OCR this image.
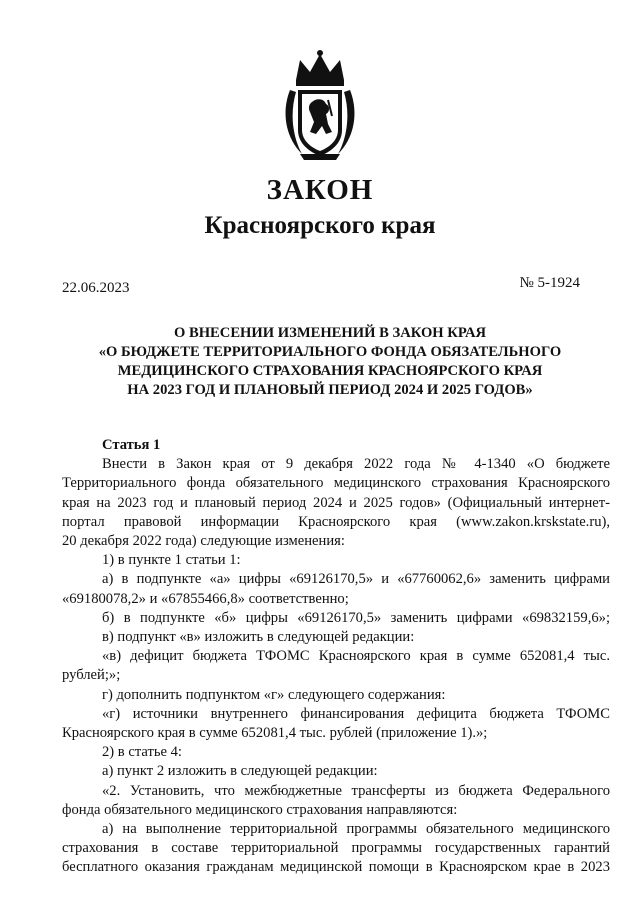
ЗАКОН
Красноярского края
22.06.2023	№ 5-1924
О ВНЕСЕНИИ ИЗМЕНЕНИЙ В ЗАКОН КРАЯ
«О БЮДЖЕТЕ ТЕРРИТОРИАЛЬНОГО ФОНДА ОБЯЗАТЕЛЬНОГО
МЕДИЦИНСКОГО СТРАХОВАНИЯ КРАСНОЯРСКОГО КРАЯ
НА 2023 ГОД И ПЛАНОВЫЙ ПЕРИОД 2024 И 2025 ГОДОВ»

Статья 1

Внести в Закон края от 9 декабря 2022 года № 4-1340 «О бюджете

Территориального фонда обязательного медицинского страхования Красноярского

края на 2023 год и плановый период 2024 и 2025 годов» (Официальный интернет-

портал правовой информации Красноярского края (www.zakon.krskstate.ru),

20 декабря 2022 года) следующие изменения:

1) в пункте 1 статьи 1:

а) в подпункте «а» цифры «69126170,5» и «67760062,6» заменить цифрами

«69180078,2» и «67855466,8» соответственно;

б) в подпункте «б» цифры «69126170,5» заменить цифрами «69832159,6»;

в) подпункт «в» изложить в следующей редакции:

«в) дефицит бюджета ТФОМС Красноярского края в сумме 652081,4 тыс.

рублей;»;

г) дополнить подпунктом «г» следующего содержания:

«г) источники внутреннего финансирования дефицита бюджета ТФОМС

Красноярского края в сумме 652081,4 тыс. рублей (приложение 1).»;

2) в статье 4:

а) пункт 2 изложить в следующей редакции:

«2. Установить, что межбюджетные трансферты из бюджета Федерального

фонда обязательного медицинского страхования направляются:

а) на выполнение территориальной программы обязательного медицинского

страхования в составе территориальной программы государственных гарантий

бесплатного оказания гражданам медицинской помощи в Красноярском крае в 2023
